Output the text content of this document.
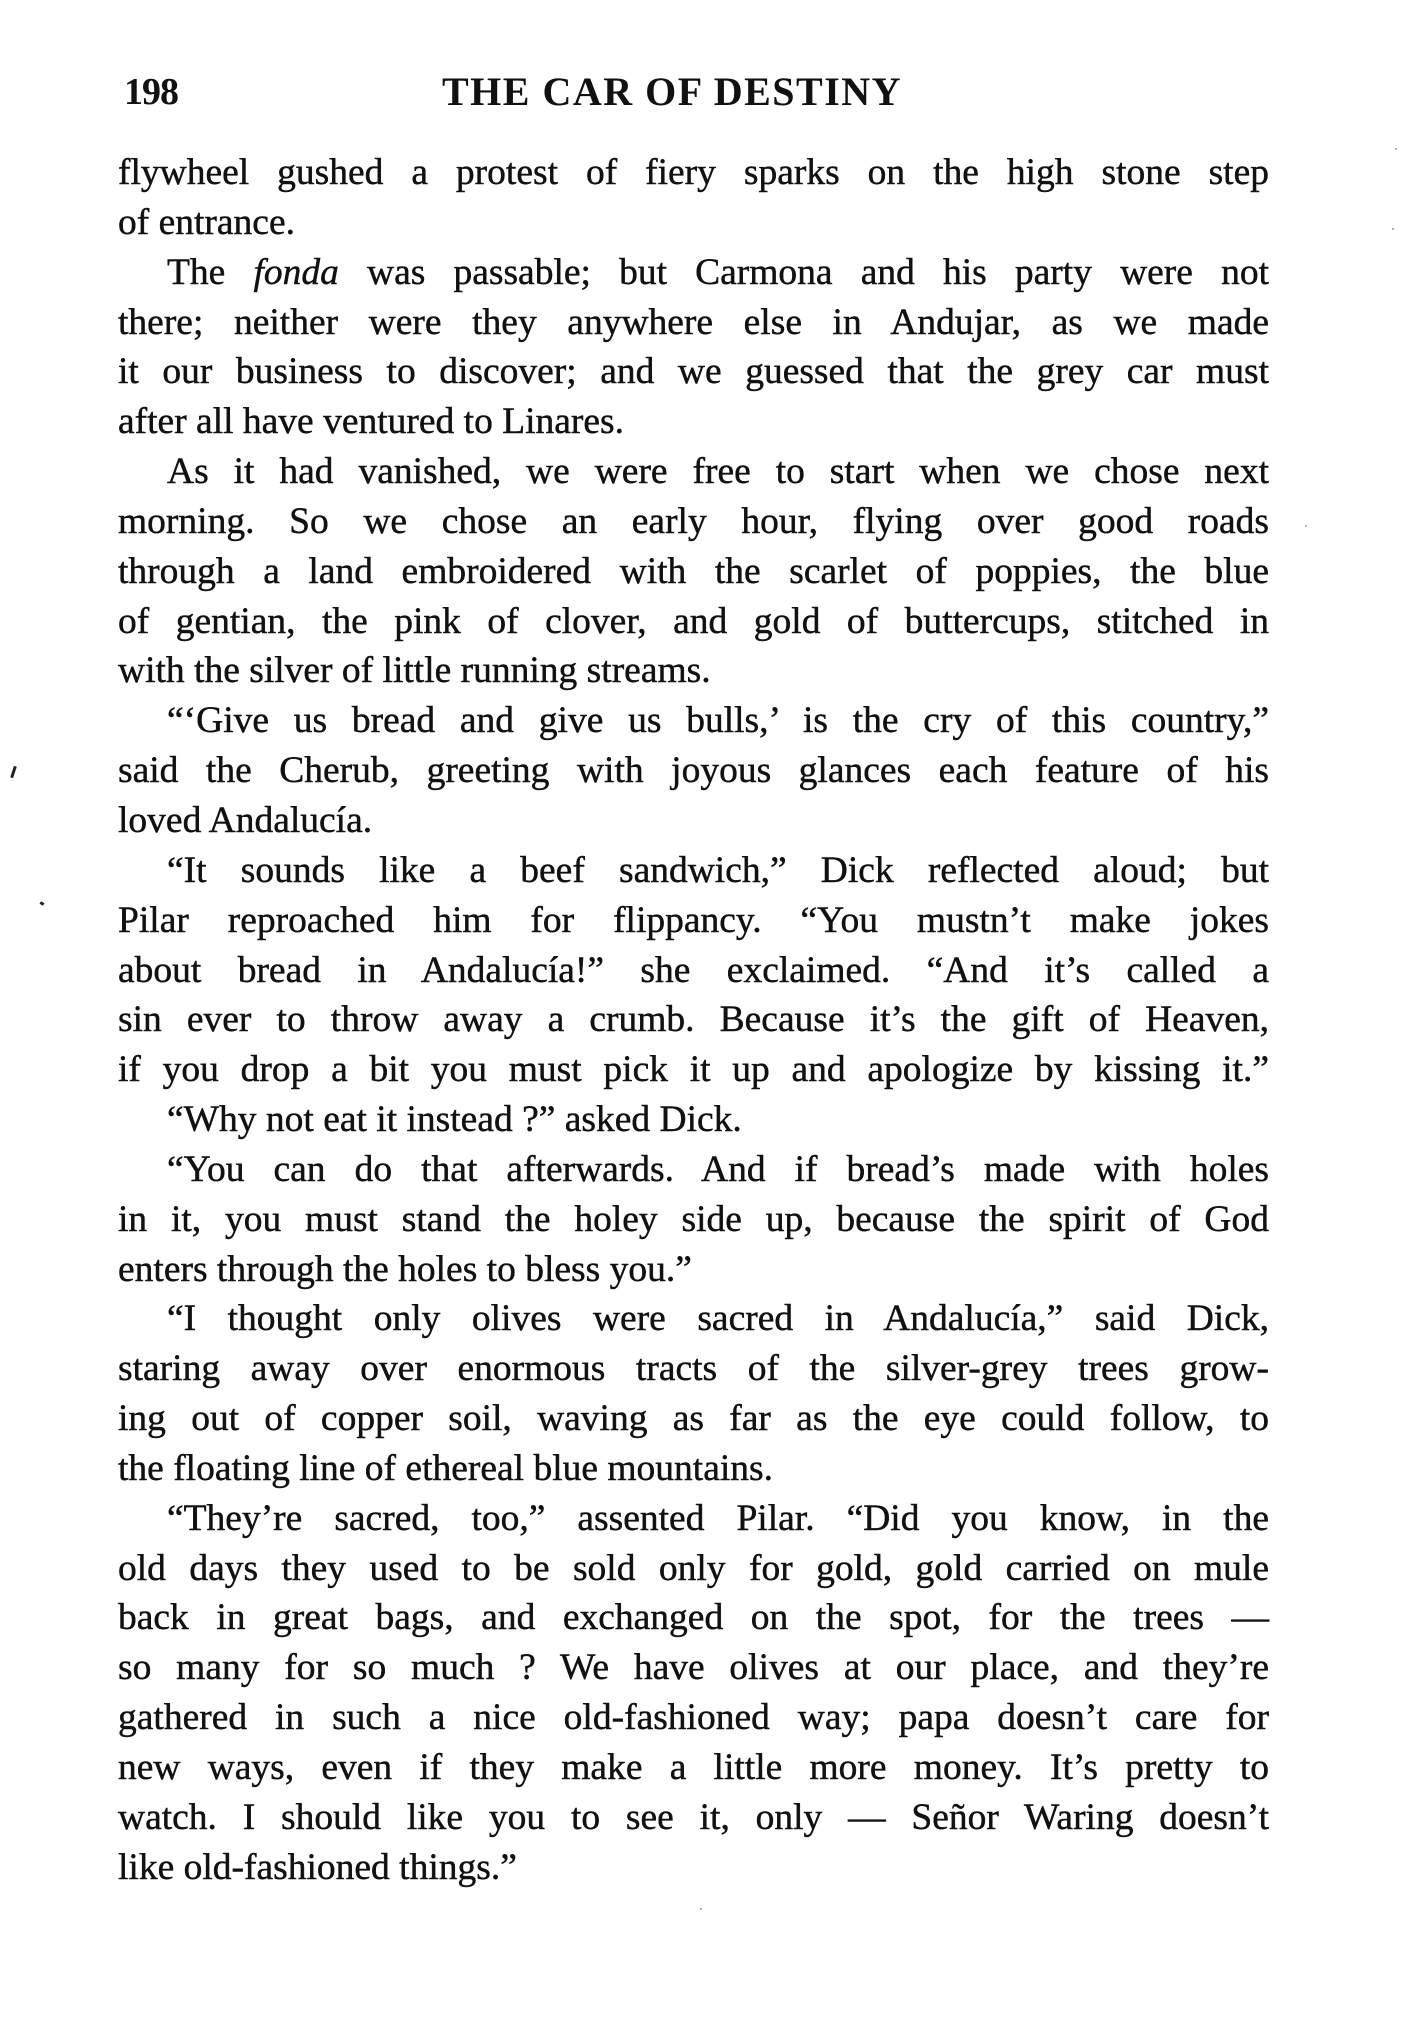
198	THE CAR OF DESTINY
flywheel gushed a protest of fiery sparks on the high stone step
of entrance.
The fonda was passable; but Carmona and his party were not
there; neither were they anywhere else in Andujar, as we made
it our business to discover; and we guessed that the grey car must
after all have ventured to Linares.
As it had vanished, we were free to start when we chose next
morning. So we chose an early hour, flying over good roads
through a land embroidered with the scarlet of poppies, the blue
of gentian, the pink of clover, and gold of buttercups, stitched in
with the silver of little running streams.
“‘Give us bread and give us bulls,’ is the cry of this country,”
said the Cherub, greeting with joyous glances each feature of his
loved Andalucía.
“It sounds like a beef sandwich,” Dick reflected aloud; but
Pilar reproached him for flippancy. “You mustn’t make jokes
about bread in Andalucía!” she exclaimed. “And it’s called a
sin ever to throw away a crumb. Because it’s the gift of Heaven,
if you drop a bit you must pick it up and apologize by kissing it.”
“Why not eat it instead ?” asked Dick.
“You can do that afterwards. And if bread’s made with holes
in it, you must stand the holey side up, because the spirit of God
enters through the holes to bless you.”
“I thought only olives were sacred in Andalucía,” said Dick,
staring away over enormous tracts of the silver-grey trees grow-
ing out of copper soil, waving as far as the eye could follow, to
the floating line of ethereal blue mountains.
“They’re sacred, too,” assented Pilar. “Did you know, in the
old days they used to be sold only for gold, gold carried on mule
back in great bags, and exchanged on the spot, for the trees —
so many for so much ? We have olives at our place, and they’re
gathered in such a nice old-fashioned way; papa doesn’t care for
new ways, even if they make a little more money. It’s pretty to
watch. I should like you to see it, only — Señor Waring doesn’t
like old-fashioned things.”
